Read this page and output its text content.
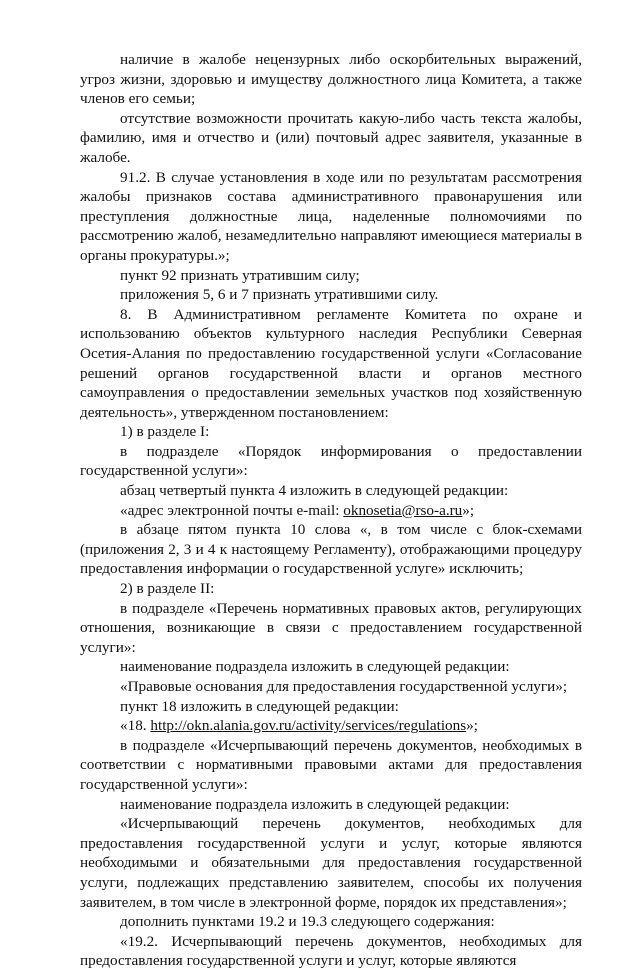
наличие в жалобе нецензурных либо оскорбительных выражений, угроз жизни, здоровью и имуществу должностного лица Комитета, а также членов его семьи;

отсутствие возможности прочитать какую-либо часть текста жалобы, фамилию, имя и отчество и (или) почтовый адрес заявителя, указанные в жалобе.

91.2. В случае установления в ходе или по результатам рассмотрения жалобы признаков состава административного правонарушения или преступления должностные лица, наделенные полномочиями по рассмотрению жалоб, незамедлительно направляют имеющиеся материалы в органы прокуратуры.»;

пункт 92 признать утратившим силу;

приложения 5, 6 и 7 признать утратившими силу.

8. В Административном регламенте Комитета по охране и использованию объектов культурного наследия Республики Северная Осетия-Алания по предоставлению государственной услуги «Согласование решений органов государственной власти и органов местного самоуправления о предоставлении земельных участков под хозяйственную деятельность», утвержденном постановлением:

1) в разделе I:

в подразделе «Порядок информирования о предоставлении государственной услуги»:

абзац четвертый пункта 4 изложить в следующей редакции:

«адрес электронной почты e-mail: oknosetia@rso-a.ru»;

в абзаце пятом пункта 10 слова «, в том числе с блок-схемами (приложения 2, 3 и 4 к настоящему Регламенту), отображающими процедуру предоставления информации о государственной услуге» исключить;

2) в разделе II:

в подразделе «Перечень нормативных правовых актов, регулирующих отношения, возникающие в связи с предоставлением государственной услуги»:

наименование подраздела изложить в следующей редакции:

«Правовые основания для предоставления государственной услуги»;

пункт 18 изложить в следующей редакции:

«18. http://okn.alania.gov.ru/activity/services/regulations»;

в подразделе «Исчерпывающий перечень документов, необходимых в соответствии с нормативными правовыми актами для предоставления государственной услуги»:

наименование подраздела изложить в следующей редакции:

«Исчерпывающий перечень документов, необходимых для предоставления государственной услуги и услуг, которые являются необходимыми и обязательными для предоставления государственной услуги, подлежащих представлению заявителем, способы их получения заявителем, в том числе в электронной форме, порядок их представления»;

дополнить пунктами 19.2 и 19.3 следующего содержания:

«19.2. Исчерпывающий перечень документов, необходимых для предоставления государственной услуги и услуг, которые являются
